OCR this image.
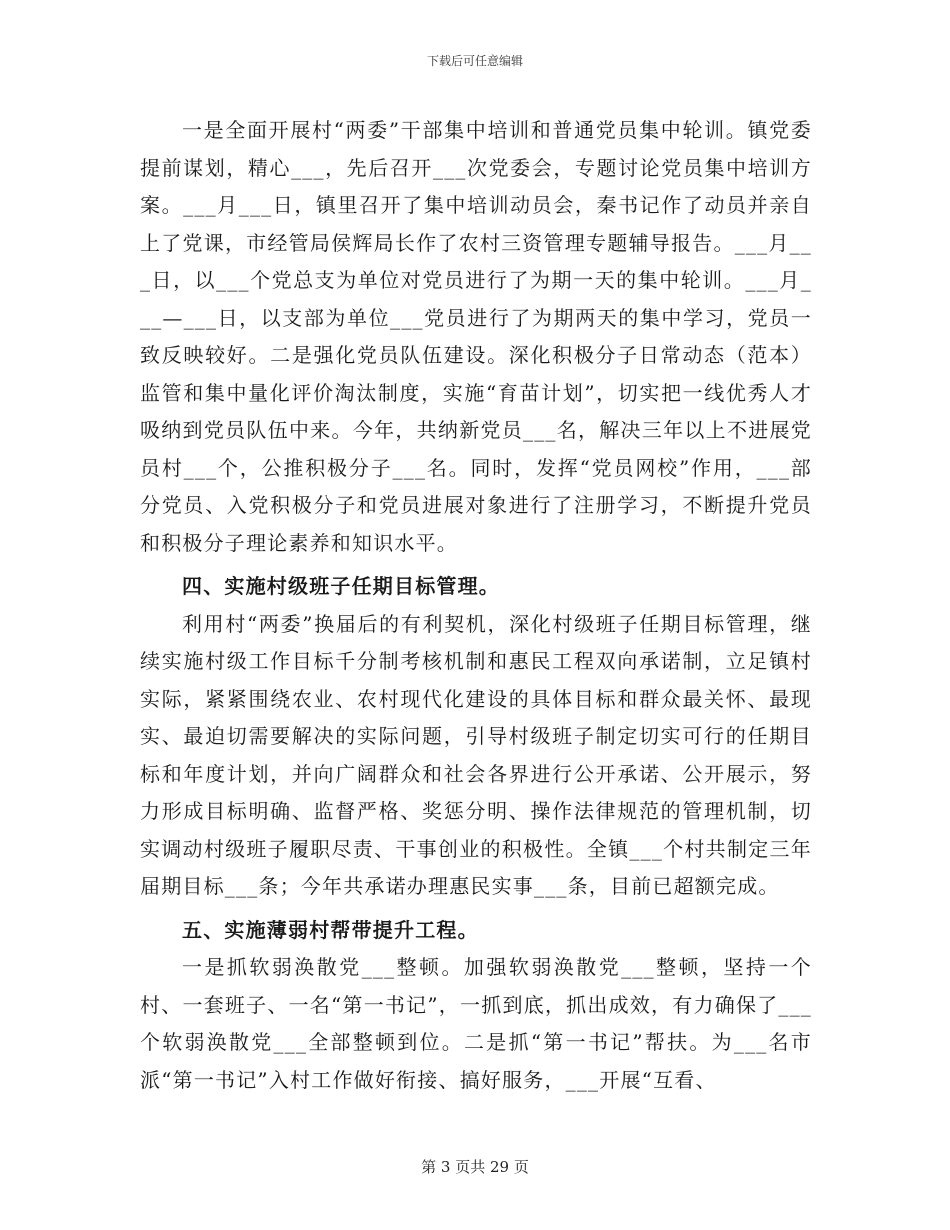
下载后可任意编辑

一是全面开展村“两委”干部集中培训和普通党员集中轮训。镇党委提前谋划，精心___，先后召开___次党委会，专题讨论党员集中培训方案。___月___日，镇里召开了集中培训动员会，秦书记作了动员并亲自上了党课，市经管局侯辉局长作了农村三资管理专题辅导报告。___月___日，以___个党总支为单位对党员进行了为期一天的集中轮训。___月___—___日，以支部为单位___党员进行了为期两天的集中学习，党员一致反映较好。二是强化党员队伍建设。深化积极分子日常动态（范本）监管和集中量化评价淘汰制度，实施“育苗计划”，切实把一线优秀人才吸纳到党员队伍中来。今年，共纳新党员___名，解决三年以上不进展党员村___个，公推积极分子___名。同时，发挥“党员网校”作用，___部分党员、入党积极分子和党员进展对象进行了注册学习，不断提升党员和积极分子理论素养和知识水平。

四、实施村级班子任期目标管理。

利用村“两委”换届后的有利契机，深化村级班子任期目标管理，继续实施村级工作目标千分制考核机制和惠民工程双向承诺制，立足镇村实际，紧紧围绕农业、农村现代化建设的具体目标和群众最关怀、最现实、最迫切需要解决的实际问题，引导村级班子制定切实可行的任期目标和年度计划，并向广阔群众和社会各界进行公开承诺、公开展示，努力形成目标明确、监督严格、奖惩分明、操作法律规范的管理机制，切实调动村级班子履职尽责、干事创业的积极性。全镇___个村共制定三年届期目标___条；今年共承诺办理惠民实事___条，目前已超额完成。

五、实施薄弱村帮带提升工程。

一是抓软弱涣散党___整顿。加强软弱涣散党___整顿，坚持一个村、一套班子、一名“第一书记”，一抓到底，抓出成效，有力确保了___个软弱涣散党___全部整顿到位。二是抓“第一书记”帮扶。为___名市派“第一书记”入村工作做好衔接、搞好服务，___开展“互看、

第 3 页共 29 页
